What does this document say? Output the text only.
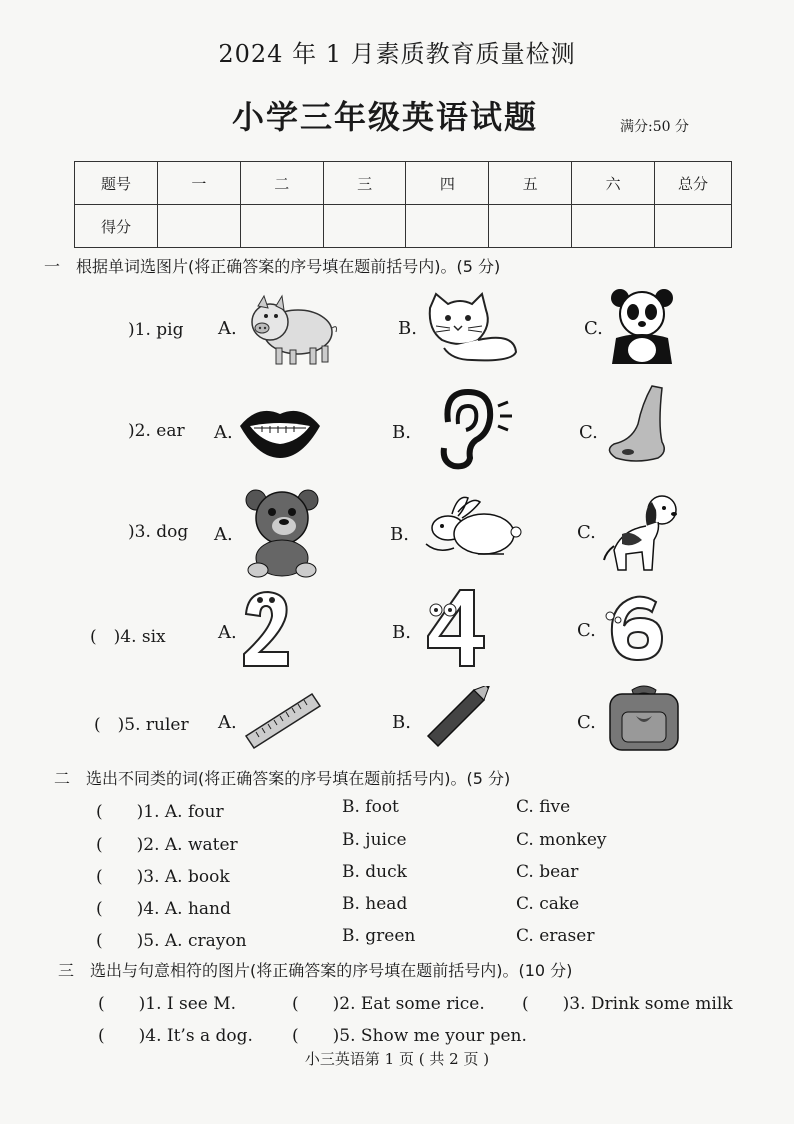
2024 年 1 月素质教育质量检测
小学三年级英语试题	满分:50 分
题号	一	二	三	四	五	六	总分
得分							
一　根据单词选图片(将正确答案的序号填在题前括号内)。(5 分)
)1. pig A.	B.	C.
)2. ear A.	B.	C.
)3. dog A.	B.	C.
(　)4. six	A.	B.	C.
(　)5. ruler A.	B.	C.
二　选出不同类的词(将正确答案的序号填在题前括号内)。(5 分)
(　　)1. A. four	B. foot	C. five
(　　)2. A. water	B. juice	C. monkey
(　　)3. A. book	B. duck	C. bear
(　　)4. A. hand	B. head	C. cake
(　　)5. A. crayon	B. green	C. eraser
三　选出与句意相符的图片(将正确答案的序号填在题前括号内)。(10 分)
(　　)1. I see M.	(　　)2. Eat some rice. (　　)3. Drink some milk
(　　)4. It’s a dog. (　　)5. Show me your pen.
小三英语第 1 页 ( 共 2 页 )
